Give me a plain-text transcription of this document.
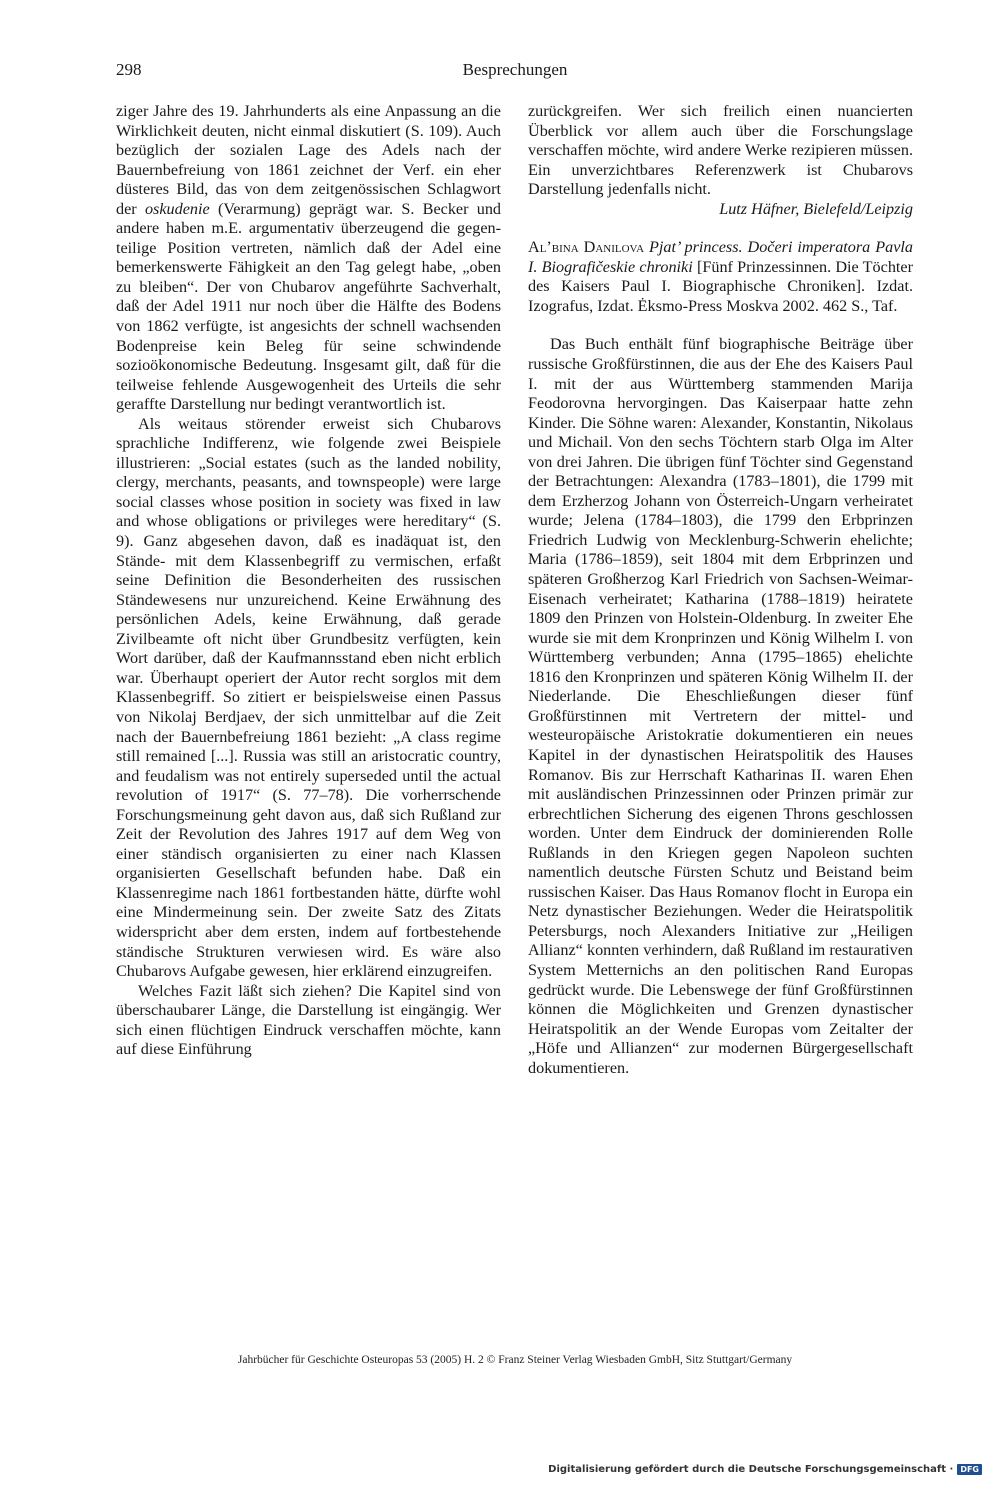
298	Besprechungen

ziger Jahre des 19. Jahrhunderts als eine Anpassung an die Wirklichkeit deuten, nicht einmal diskutiert (S. 109). Auch bezüglich der sozialen Lage des Adels nach der Bauernbefreiung von 1861 zeichnet der Verf. ein eher düsteres Bild, das von dem zeitgenössischen Schlagwort der oskudenie (Verarmung) geprägt war. S. Becker und andere haben m.E. argumentativ überzeugend die gegenteilige Position vertreten, nämlich daß der Adel eine bemerkenswerte Fähigkeit an den Tag gelegt habe, „oben zu bleiben“. Der von Chubarov angeführte Sachverhalt, daß der Adel 1911 nur noch über die Hälfte des Bodens von 1862 verfügte, ist angesichts der schnell wachsenden Bodenpreise kein Beleg für seine schwindende sozioökonomische Bedeutung. Insgesamt gilt, daß für die teilweise fehlende Ausgewogenheit des Urteils die sehr geraffte Darstellung nur bedingt verantwortlich ist.

Als weitaus störender erweist sich Chubarovs sprachliche Indifferenz, wie folgende zwei Beispiele illustrieren: „Social estates (such as the landed nobility, clergy, merchants, peasants, and townspeople) were large social classes whose position in society was fixed in law and whose obligations or privileges were hereditary“ (S. 9). Ganz abgesehen davon, daß es inadäquat ist, den Stände- mit dem Klassenbegriff zu vermischen, erfaßt seine Definition die Besonderheiten des russischen Ständewesens nur unzureichend. Keine Erwähnung des persönlichen Adels, keine Erwähnung, daß gerade Zivilbeamte oft nicht über Grundbesitz verfügten, kein Wort darüber, daß der Kaufmannsstand eben nicht erblich war. Überhaupt operiert der Autor recht sorglos mit dem Klassenbegriff. So zitiert er beispielsweise einen Passus von Nikolaj Berdjaev, der sich unmittelbar auf die Zeit nach der Bauernbefreiung 1861 bezieht: „A class regime still remained [...]. Russia was still an aristocratic country, and feudalism was not entirely superseded until the actual revolution of 1917“ (S. 77–78). Die vorherrschende Forschungsmeinung geht davon aus, daß sich Rußland zur Zeit der Revolution des Jahres 1917 auf dem Weg von einer ständisch organisierten zu einer nach Klassen organisierten Gesellschaft befunden habe. Daß ein Klassenregime nach 1861 fortbestanden hätte, dürfte wohl eine Mindermeinung sein. Der zweite Satz des Zitats widerspricht aber dem ersten, indem auf fortbestehende ständische Strukturen verwiesen wird. Es wäre also Chubarovs Aufgabe gewesen, hier erklärend einzugreifen.

Welches Fazit läßt sich ziehen? Die Kapitel sind von überschaubarer Länge, die Darstellung ist eingängig. Wer sich einen flüchtigen Eindruck verschaffen möchte, kann auf diese Einführung

zurückgreifen. Wer sich freilich einen nuancierten Überblick vor allem auch über die Forschungslage verschaffen möchte, wird andere Werke rezipieren müssen. Ein unverzichtbares Referenzwerk ist Chubarovs Darstellung jedenfalls nicht.

Lutz Häfner, Bielefeld/Leipzig

Al’bina Danilova Pjat’ princess. Dočeri imperatora Pavla I. Biografičeskie chroniki [Fünf Prinzessinnen. Die Töchter des Kaisers Paul I. Biographische Chroniken]. Izdat. Izografus, Izdat. Ėksmo-Press Moskva 2002. 462 S., Taf.

Das Buch enthält fünf biographische Beiträge über russische Großfürstinnen, die aus der Ehe des Kaisers Paul I. mit der aus Württemberg stammenden Marija Feodorovna hervorgingen. Das Kaiserpaar hatte zehn Kinder. Die Söhne waren: Alexander, Konstantin, Nikolaus und Michail. Von den sechs Töchtern starb Olga im Alter von drei Jahren. Die übrigen fünf Töchter sind Gegenstand der Betrachtungen: Alexandra (1783–1801), die 1799 mit dem Erzherzog Johann von Österreich-Ungarn verheiratet wurde; Jelena (1784–1803), die 1799 den Erbprinzen Friedrich Ludwig von Mecklenburg-Schwerin ehelichte; Maria (1786–1859), seit 1804 mit dem Erbprinzen und späteren Großherzog Karl Friedrich von Sachsen-Weimar-Eisenach verheiratet; Katharina (1788–1819) heiratete 1809 den Prinzen von Holstein-Oldenburg. In zweiter Ehe wurde sie mit dem Kronprinzen und König Wilhelm I. von Württemberg verbunden; Anna (1795–1865) ehelichte 1816 den Kronprinzen und späteren König Wilhelm II. der Niederlande. Die Eheschließungen dieser fünf Großfürstinnen mit Vertretern der mittel- und westeuropäische Aristokratie dokumentieren ein neues Kapitel in der dynastischen Heiratspolitik des Hauses Romanov. Bis zur Herrschaft Katharinas II. waren Ehen mit ausländischen Prinzessinnen oder Prinzen primär zur erbrechtlichen Sicherung des eigenen Throns geschlossen worden. Unter dem Eindruck der dominierenden Rolle Rußlands in den Kriegen gegen Napoleon suchten namentlich deutsche Fürsten Schutz und Beistand beim russischen Kaiser. Das Haus Romanov flocht in Europa ein Netz dynastischer Beziehungen. Weder die Heiratspolitik Petersburgs, noch Alexanders Initiative zur „Heiligen Allianz“ konnten verhindern, daß Rußland im restaurativen System Metternichs an den politischen Rand Europas gedrückt wurde. Die Lebenswege der fünf Großfürstinnen können die Möglichkeiten und Grenzen dynastischer Heiratspolitik an der Wende Europas vom Zeitalter der „Höfe und Allianzen“ zur modernen Bürgergesellschaft dokumentieren.

Jahrbücher für Geschichte Osteuropas 53 (2005) H. 2 © Franz Steiner Verlag Wiesbaden GmbH, Sitz Stuttgart/Germany
Digitalisierung gefördert durch die Deutsche Forschungsgemeinschaft · DFG
